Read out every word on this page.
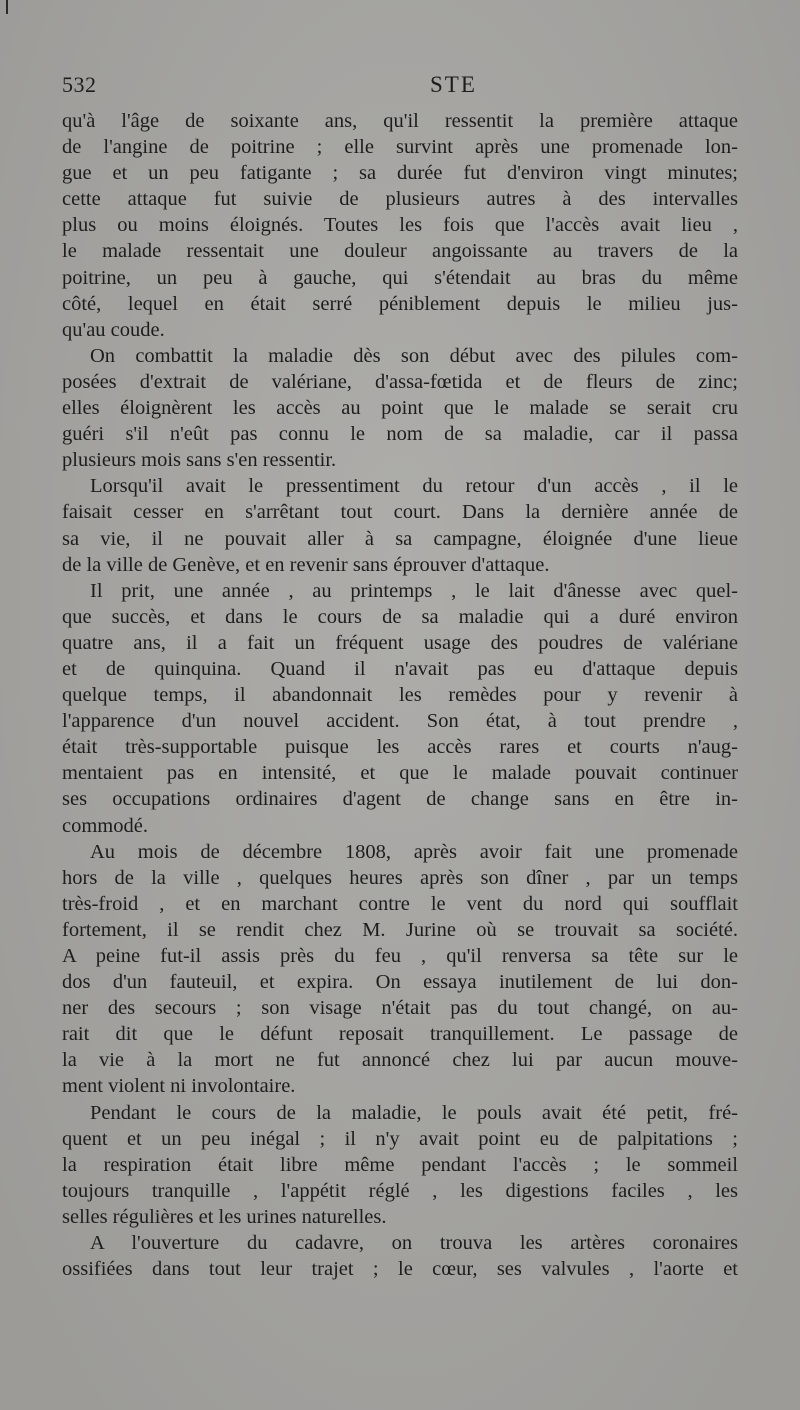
532	STE
qu'à l'âge de soixante ans, qu'il ressentit la première attaque
de l'angine de poitrine ; elle survint après une promenade lon-
gue et un peu fatigante ; sa durée fut d'environ vingt minutes;
cette attaque fut suivie de plusieurs autres à des intervalles
plus ou moins éloignés. Toutes les fois que l'accès avait lieu ,
le malade ressentait une douleur angoissante au travers de la
poitrine, un peu à gauche, qui s'étendait au bras du même
côté, lequel en était serré péniblement depuis le milieu jus-
qu'au coude.
On combattit la maladie dès son début avec des pilules com-
posées d'extrait de valériane, d'assa-fœtida et de fleurs de zinc;
elles éloignèrent les accès au point que le malade se serait cru
guéri s'il n'eût pas connu le nom de sa maladie, car il passa
plusieurs mois sans s'en ressentir.
Lorsqu'il avait le pressentiment du retour d'un accès , il le
faisait cesser en s'arrêtant tout court. Dans la dernière année de
sa vie, il ne pouvait aller à sa campagne, éloignée d'une lieue
de la ville de Genève, et en revenir sans éprouver d'attaque.
Il prit, une année , au printemps , le lait d'ânesse avec quel-
que succès, et dans le cours de sa maladie qui a duré environ
quatre ans, il a fait un fréquent usage des poudres de valériane
et de quinquina. Quand il n'avait pas eu d'attaque depuis
quelque temps, il abandonnait les remèdes pour y revenir à
l'apparence d'un nouvel accident. Son état, à tout prendre ,
était très-supportable puisque les accès rares et courts n'aug-
mentaient pas en intensité, et que le malade pouvait continuer
ses occupations ordinaires d'agent de change sans en être in-
commodé.
Au mois de décembre 1808, après avoir fait une promenade
hors de la ville , quelques heures après son dîner , par un temps
très-froid , et en marchant contre le vent du nord qui soufflait
fortement, il se rendit chez M. Jurine où se trouvait sa société.
A peine fut-il assis près du feu , qu'il renversa sa tête sur le
dos d'un fauteuil, et expira. On essaya inutilement de lui don-
ner des secours ; son visage n'était pas du tout changé, on au-
rait dit que le défunt reposait tranquillement. Le passage de
la vie à la mort ne fut annoncé chez lui par aucun mouve-
ment violent ni involontaire.
Pendant le cours de la maladie, le pouls avait été petit, fré-
quent et un peu inégal ; il n'y avait point eu de palpitations ;
la respiration était libre même pendant l'accès ; le sommeil
toujours tranquille , l'appétit réglé , les digestions faciles , les
selles régulières et les urines naturelles.
A l'ouverture du cadavre, on trouva les artères coronaires
ossifiées dans tout leur trajet ; le cœur, ses valvules , l'aorte et
